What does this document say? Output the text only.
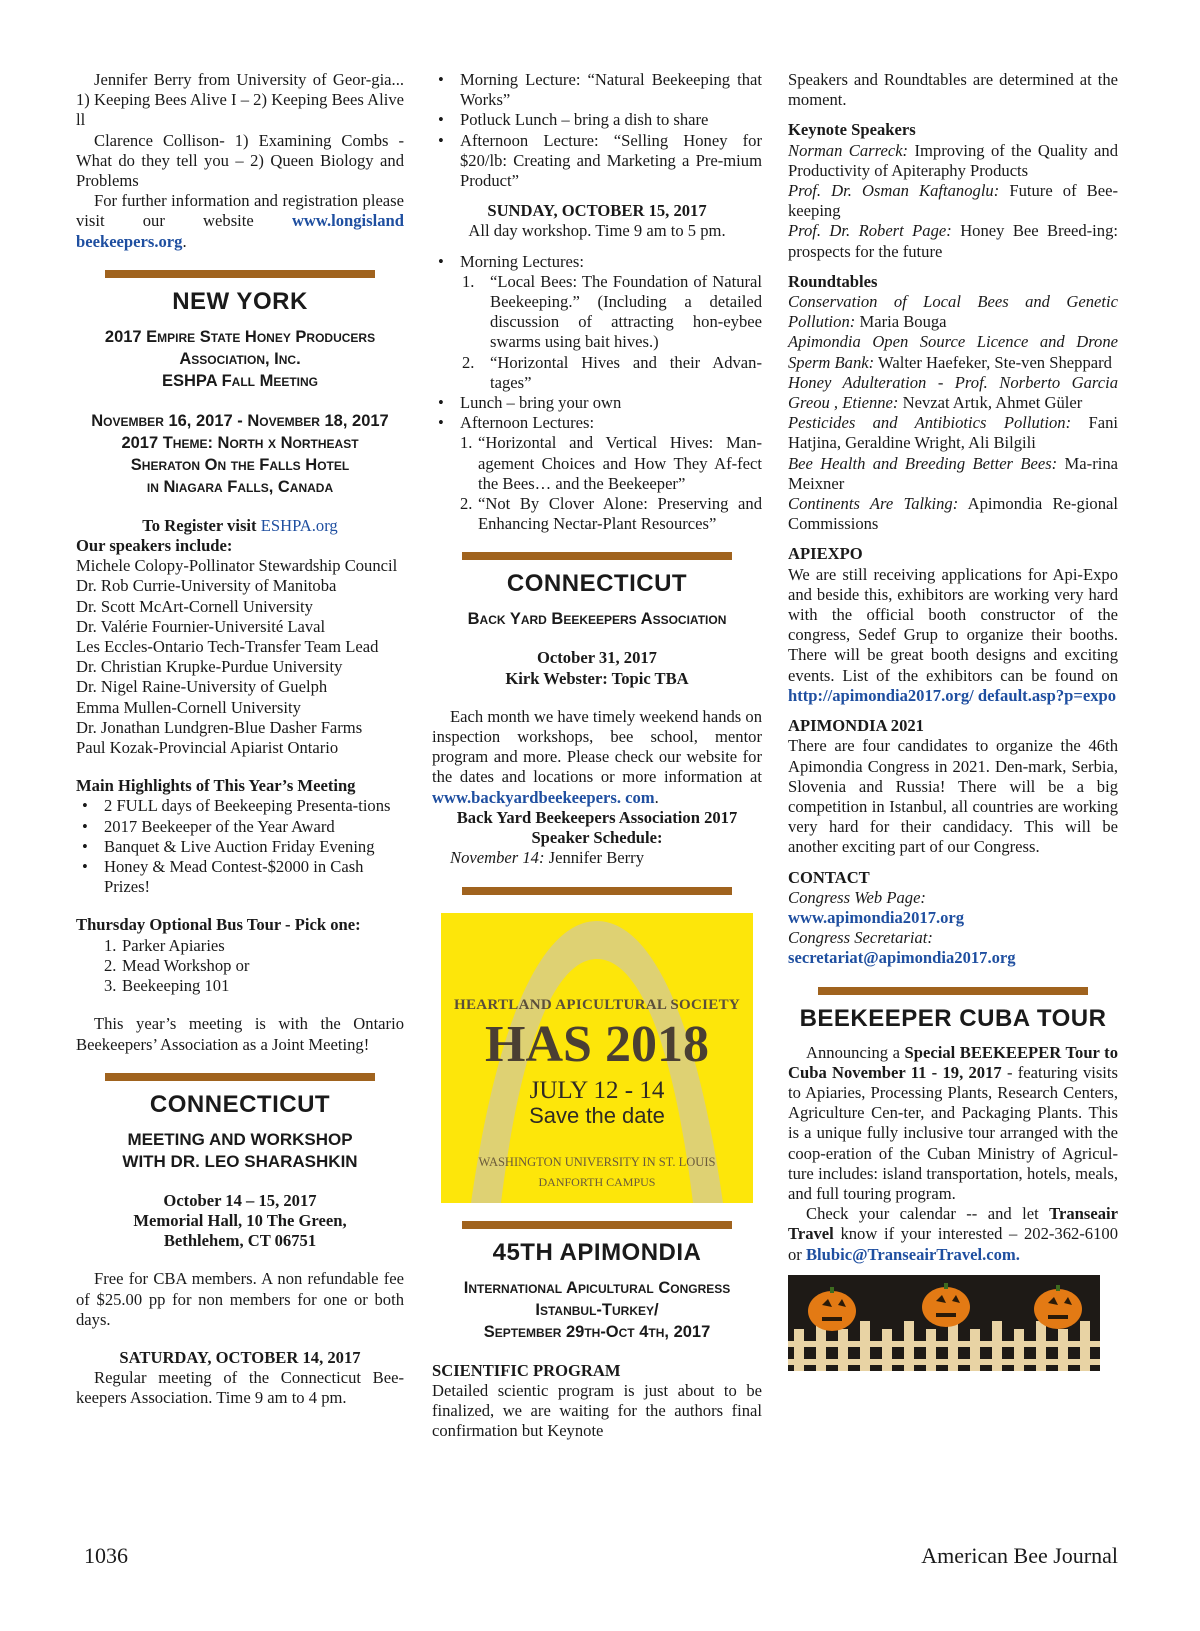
Jennifer Berry from University of Geor-gia... 1) Keeping Bees Alive I – 2) Keeping Bees Alive ll

Clarence Collison- 1) Examining Combs - What do they tell you – 2) Queen Biology and Problems

For further information and registration please visit our website www.longisland beekeepers.org.

NEW YORK
2017 Empire State Honey Producers
Association, Inc.
ESHPA Fall Meeting
November 16, 2017 - November 18, 2017
2017 Theme: North x Northeast
Sheraton On the Falls Hotel
in Niagara Falls, Canada

To Register visit ESHPA.org

Our speakers include:

Michele Colopy-Pollinator Stewardship Council

Dr. Rob Currie-University of Manitoba

Dr. Scott McArt-Cornell University

Dr. Valérie Fournier-Université Laval

Les Eccles-Ontario Tech-Transfer Team Lead

Dr. Christian Krupke-Purdue University

Dr. Nigel Raine-University of Guelph

Emma Mullen-Cornell University

Dr. Jonathan Lundgren-Blue Dasher Farms

Paul Kozak-Provincial Apiarist Ontario

Main Highlights of This Year’s Meeting

• 2 FULL days of Beekeeping Presenta-tions
• 2017 Beekeeper of the Year Award
• Banquet & Live Auction Friday Evening
• Honey & Mead Contest-$2000 in Cash Prizes!

Thursday Optional Bus Tour - Pick one:

1. Parker Apiaries
2. Mead Workshop or
3. Beekeeping 101

This year’s meeting is with the Ontario Beekeepers’ Association as a Joint Meeting!

CONNECTICUT
MEETING AND WORKSHOP
WITH DR. LEO SHARASHKIN

October 14 – 15, 2017

Memorial Hall, 10 The Green,

Bethlehem, CT 06751

Free for CBA members. A non refundable fee of $25.00 pp for non members for one or both days.

SATURDAY, OCTOBER 14, 2017

Regular meeting of the Connecticut Bee-keepers Association. Time 9 am to 4 pm.

• Morning Lecture: “Natural Beekeeping that Works”
• Potluck Lunch – bring a dish to share
• Afternoon Lecture: “Selling Honey for $20/lb: Creating and Marketing a Pre-mium Product”

SUNDAY, OCTOBER 15, 2017

All day workshop. Time 9 am to 5 pm.

• Morning Lectures:
1. “Local Bees: The Foundation of Natural Beekeeping.” (Including a detailed discussion of attracting hon-eybee swarms using bait hives.)
2. “Horizontal Hives and their Advan-tages”
• Lunch – bring your own
• Afternoon Lectures:
1. “Horizontal and Vertical Hives: Man-agement Choices and How They Af-fect the Bees… and the Beekeeper”
2. “Not By Clover Alone: Preserving and Enhancing Nectar-Plant Resources”
CONNECTICUT
Back Yard Beekeepers Association

October 31, 2017

Kirk Webster: Topic TBA

Each month we have timely weekend hands on inspection workshops, bee school, mentor program and more. Please check our website for the dates and locations or more information at www.backyardbeekeepers. com.

Back Yard Beekeepers Association 2017

Speaker Schedule:

November 14: Jennifer Berry

HEARTLAND APICULTURAL SOCIETY
HAS 2018
JULY 12 - 14
Save the date
WASHINGTON UNIVERSITY IN ST. LOUIS
DANFORTH CAMPUS
45TH APIMONDIA
International Apicultural Congress
Istanbul-Turkey/
September 29th-Oct 4th, 2017

SCIENTIFIC PROGRAM

Detailed scientic program is just about to be finalized, we are waiting for the authors final confirmation but Keynote

Speakers and Roundtables are determined at the moment.

Keynote Speakers

Norman Carreck: Improving of the Quality and Productivity of Apiteraphy Products

Prof. Dr. Osman Kaftanoglu: Future of Bee-keeping

Prof. Dr. Robert Page: Honey Bee Breed-ing: prospects for the future

Roundtables

Conservation of Local Bees and Genetic Pollution: Maria Bouga

Apimondia Open Source Licence and Drone Sperm Bank: Walter Haefeker, Ste-ven Sheppard

Honey Adulteration - Prof. Norberto Garcia Greou , Etienne: Nevzat Artık, Ahmet Güler

Pesticides and Antibiotics Pollution: Fani Hatjina, Geraldine Wright, Ali Bilgili

Bee Health and Breeding Better Bees: Ma-rina Meixner

Continents Are Talking: Apimondia Re-gional Commissions

APIEXPO

We are still receiving applications for Api-Expo and beside this, exhibitors are working very hard with the official booth constructor of the congress, Sedef Grup to organize their booths. There will be great booth designs and exciting events. List of the exhibitors can be found on http://apimondia2017.org/ default.asp?p=expo

APIMONDIA 2021

There are four candidates to organize the 46th Apimondia Congress in 2021. Den-mark, Serbia, Slovenia and Russia! There will be a big competition in Istanbul, all countries are working very hard for their candidacy. This will be another exciting part of our Congress.

CONTACT

Congress Web Page:

www.apimondia2017.org

Congress Secretariat:

secretariat@apimondia2017.org

BEEKEEPER CUBA TOUR

Announcing a Special BEEKEEPER Tour to Cuba November 11 - 19, 2017 - featuring visits to Apiaries, Processing Plants, Research Centers, Agriculture Cen-ter, and Packaging Plants. This is a unique fully inclusive tour arranged with the coop-eration of the Cuban Ministry of Agricul-ture includes: island transportation, hotels, meals, and full touring program.

Check your calendar -- and let Transeair Travel know if your interested – 202-362-6100 or Blubic@TranseairTravel.com.

1036	American Bee Journal
